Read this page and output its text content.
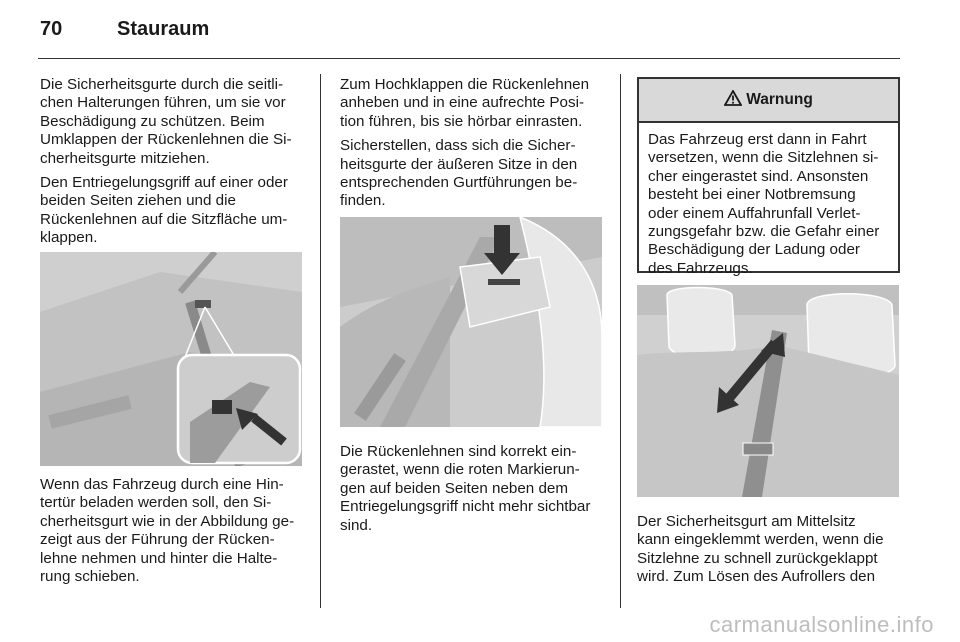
70	Stauraum

Die Sicherheitsgurte durch die seitli-
chen Halterungen führen, um sie vor
Beschädigung zu schützen. Beim
Umklappen der Rückenlehnen die Si-
cherheitsgurte mitziehen.

Den Entriegelungsgriff auf einer oder
beiden Seiten ziehen und die
Rückenlehnen auf die Sitzfläche um-
klappen.

Wenn das Fahrzeug durch eine Hin-
tertür beladen werden soll, den Si-
cherheitsgurt wie in der Abbildung ge-
zeigt aus der Führung der Rücken-
lehne nehmen und hinter die Halte-
rung schieben.

Zum Hochklappen die Rückenlehnen
anheben und in eine aufrechte Posi-
tion führen, bis sie hörbar einrasten.

Sicherstellen, dass sich die Sicher-
heitsgurte der äußeren Sitze in den
entsprechenden Gurtführungen be-
finden.

Die Rückenlehnen sind korrekt ein-
gerastet, wenn die roten Markierun-
gen auf beiden Seiten neben dem
Entriegelungsgriff nicht mehr sichtbar
sind.

Warnung
Das Fahrzeug erst dann in Fahrt
versetzen, wenn die Sitzlehnen si-
cher eingerastet sind. Ansonsten
besteht bei einer Notbremsung
oder einem Auffahrunfall Verlet-
zungsgefahr bzw. die Gefahr einer
Beschädigung der Ladung oder
des Fahrzeugs.

Der Sicherheitsgurt am Mittelsitz
kann eingeklemmt werden, wenn die
Sitzlehne zu schnell zurückgeklappt
wird. Zum Lösen des Aufrollers den

carmanualsonline.info
